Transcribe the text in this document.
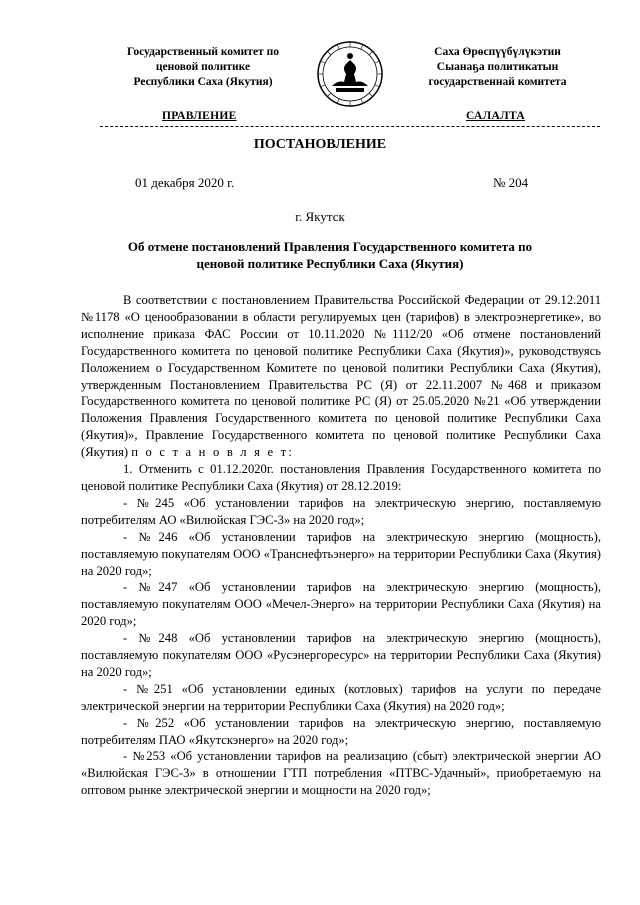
Государственный комитет по
ценовой политике
Республики Саха (Якутия)
Саха Өрөспүүбүлүкэтин
Сыанаҕа политикатын
государственнай комитета
ПРАВЛЕНИЕ	САЛАЛТА
ПОСТАНОВЛЕНИЕ
01 декабря 2020 г.	№ 204
г. Якутск
Об отмене постановлений Правления Государственного комитета по
ценовой политике Республики Саха (Якутия)

В соответствии с постановлением Правительства Российской Федерации от 29.12.2011 №1178 «О ценообразовании в области регулируемых цен (тарифов) в электроэнергетике», во исполнение приказа ФАС России от 10.11.2020 №1112/20 «Об отмене постановлений Государственного комитета по ценовой политике Республики Саха (Якутия)», руководствуясь Положением о Государственном Комитете по ценовой политики Республики Саха (Якутия), утвержденным Постановлением Правительства РС (Я) от 22.11.2007 №468 и приказом Государственного комитета по ценовой политике РС (Я) от 25.05.2020 №21 «Об утверждении Положения Правления Государственного комитета по ценовой политике Республики Саха (Якутия)», Правление Государственного комитета по ценовой политике Республики Саха (Якутия) п о с т а н о в л я е т:

1. Отменить с 01.12.2020г. постановления Правления Государственного комитета по ценовой политике Республики Саха (Якутия) от 28.12.2019:

- №245 «Об установлении тарифов на электрическую энергию, поставляемую потребителям АО «Вилюйская ГЭС-3» на 2020 год»;

- №246 «Об установлении тарифов на электрическую энергию (мощность), поставляемую покупателям ООО «Транснефтьэнерго» на территории Республики Саха (Якутия) на 2020 год»;

- №247 «Об установлении тарифов на электрическую энергию (мощность), поставляемую покупателям ООО «Мечел-Энерго» на территории Республики Саха (Якутия) на 2020 год»;

- №248 «Об установлении тарифов на электрическую энергию (мощность), поставляемую покупателям ООО «Русэнергоресурс» на территории Республики Саха (Якутия) на 2020 год»;

- №251 «Об установлении единых (котловых) тарифов на услуги по передаче электрической энергии на территории Республики Саха (Якутия) на 2020 год»;

- №252 «Об установлении тарифов на электрическую энергию, поставляемую потребителям ПАО «Якутскэнерго» на 2020 год»;

- №253 «Об установлении тарифов на реализацию (сбыт) электрической энергии АО «Вилюйская ГЭС-3» в отношении ГТП потребления «ПТВС-Удачный», приобретаемую на оптовом рынке электрической энергии и мощности на 2020 год»;
